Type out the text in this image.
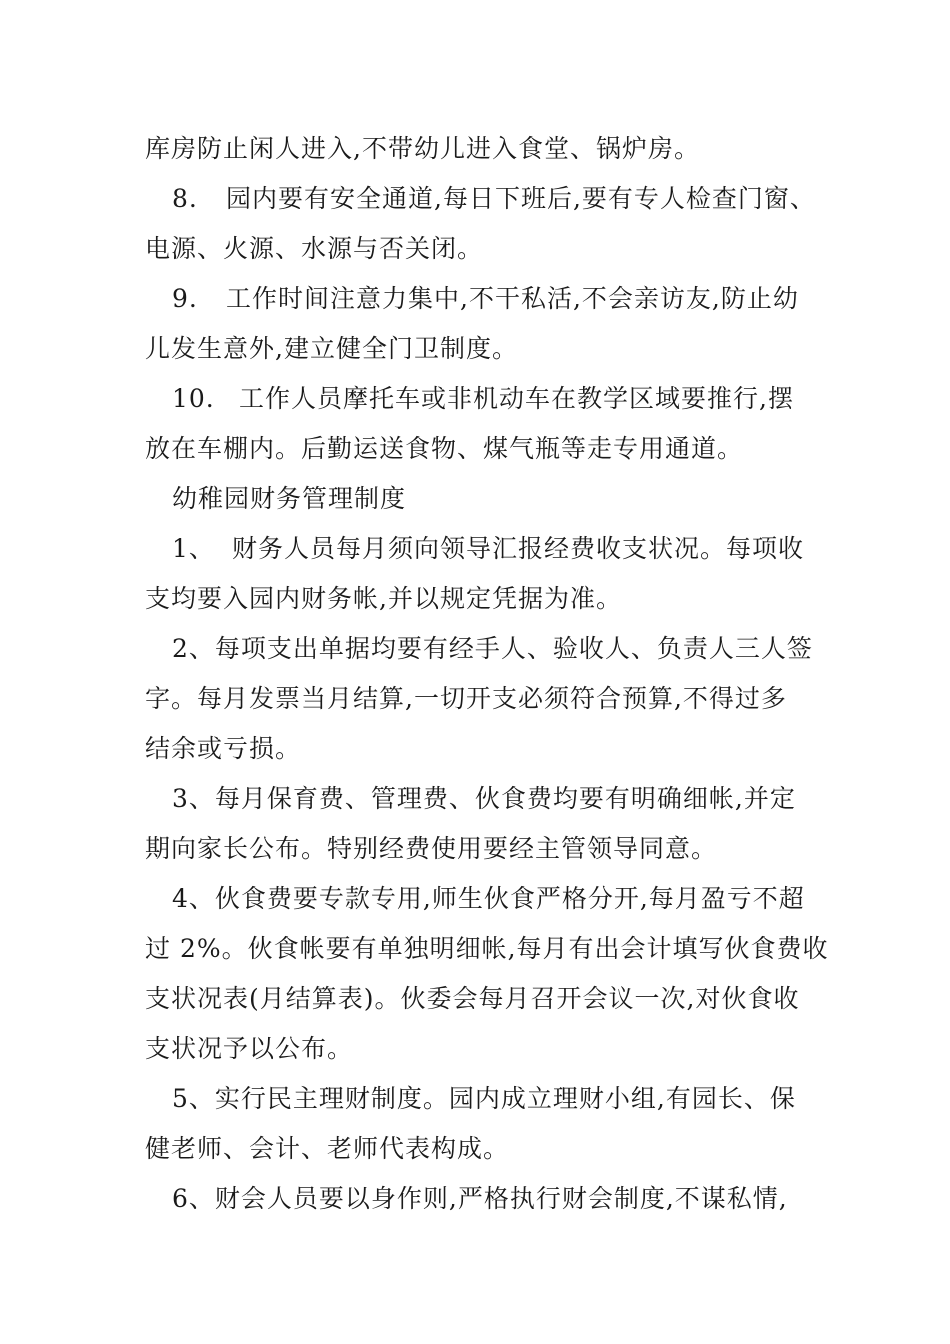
库房防止闲人进入,不带幼儿进入食堂、锅炉房。
8. 园内要有安全通道,每日下班后,要有专人检查门窗、
电源、火源、水源与否关闭。
9. 工作时间注意力集中,不干私活,不会亲访友,防止幼
儿发生意外,建立健全门卫制度。
10. 工作人员摩托车或非机动车在教学区域要推行,摆
放在车棚内。后勤运送食物、煤气瓶等走专用通道。
幼稚园财务管理制度
1、 财务人员每月须向领导汇报经费收支状况。每项收
支均要入园内财务帐,并以规定凭据为准。
2、每项支出单据均要有经手人、验收人、负责人三人签
字。每月发票当月结算,一切开支必须符合预算,不得过多
结余或亏损。
3、每月保育费、管理费、伙食费均要有明确细帐,并定
期向家长公布。特别经费使用要经主管领导同意。
4、伙食费要专款专用,师生伙食严格分开,每月盈亏不超
过 2%。伙食帐要有单独明细帐,每月有出会计填写伙食费收
支状况表(月结算表)。伙委会每月召开会议一次,对伙食收
支状况予以公布。
5、实行民主理财制度。园内成立理财小组,有园长、保
健老师、会计、老师代表构成。
6、财会人员要以身作则,严格执行财会制度,不谋私情,
